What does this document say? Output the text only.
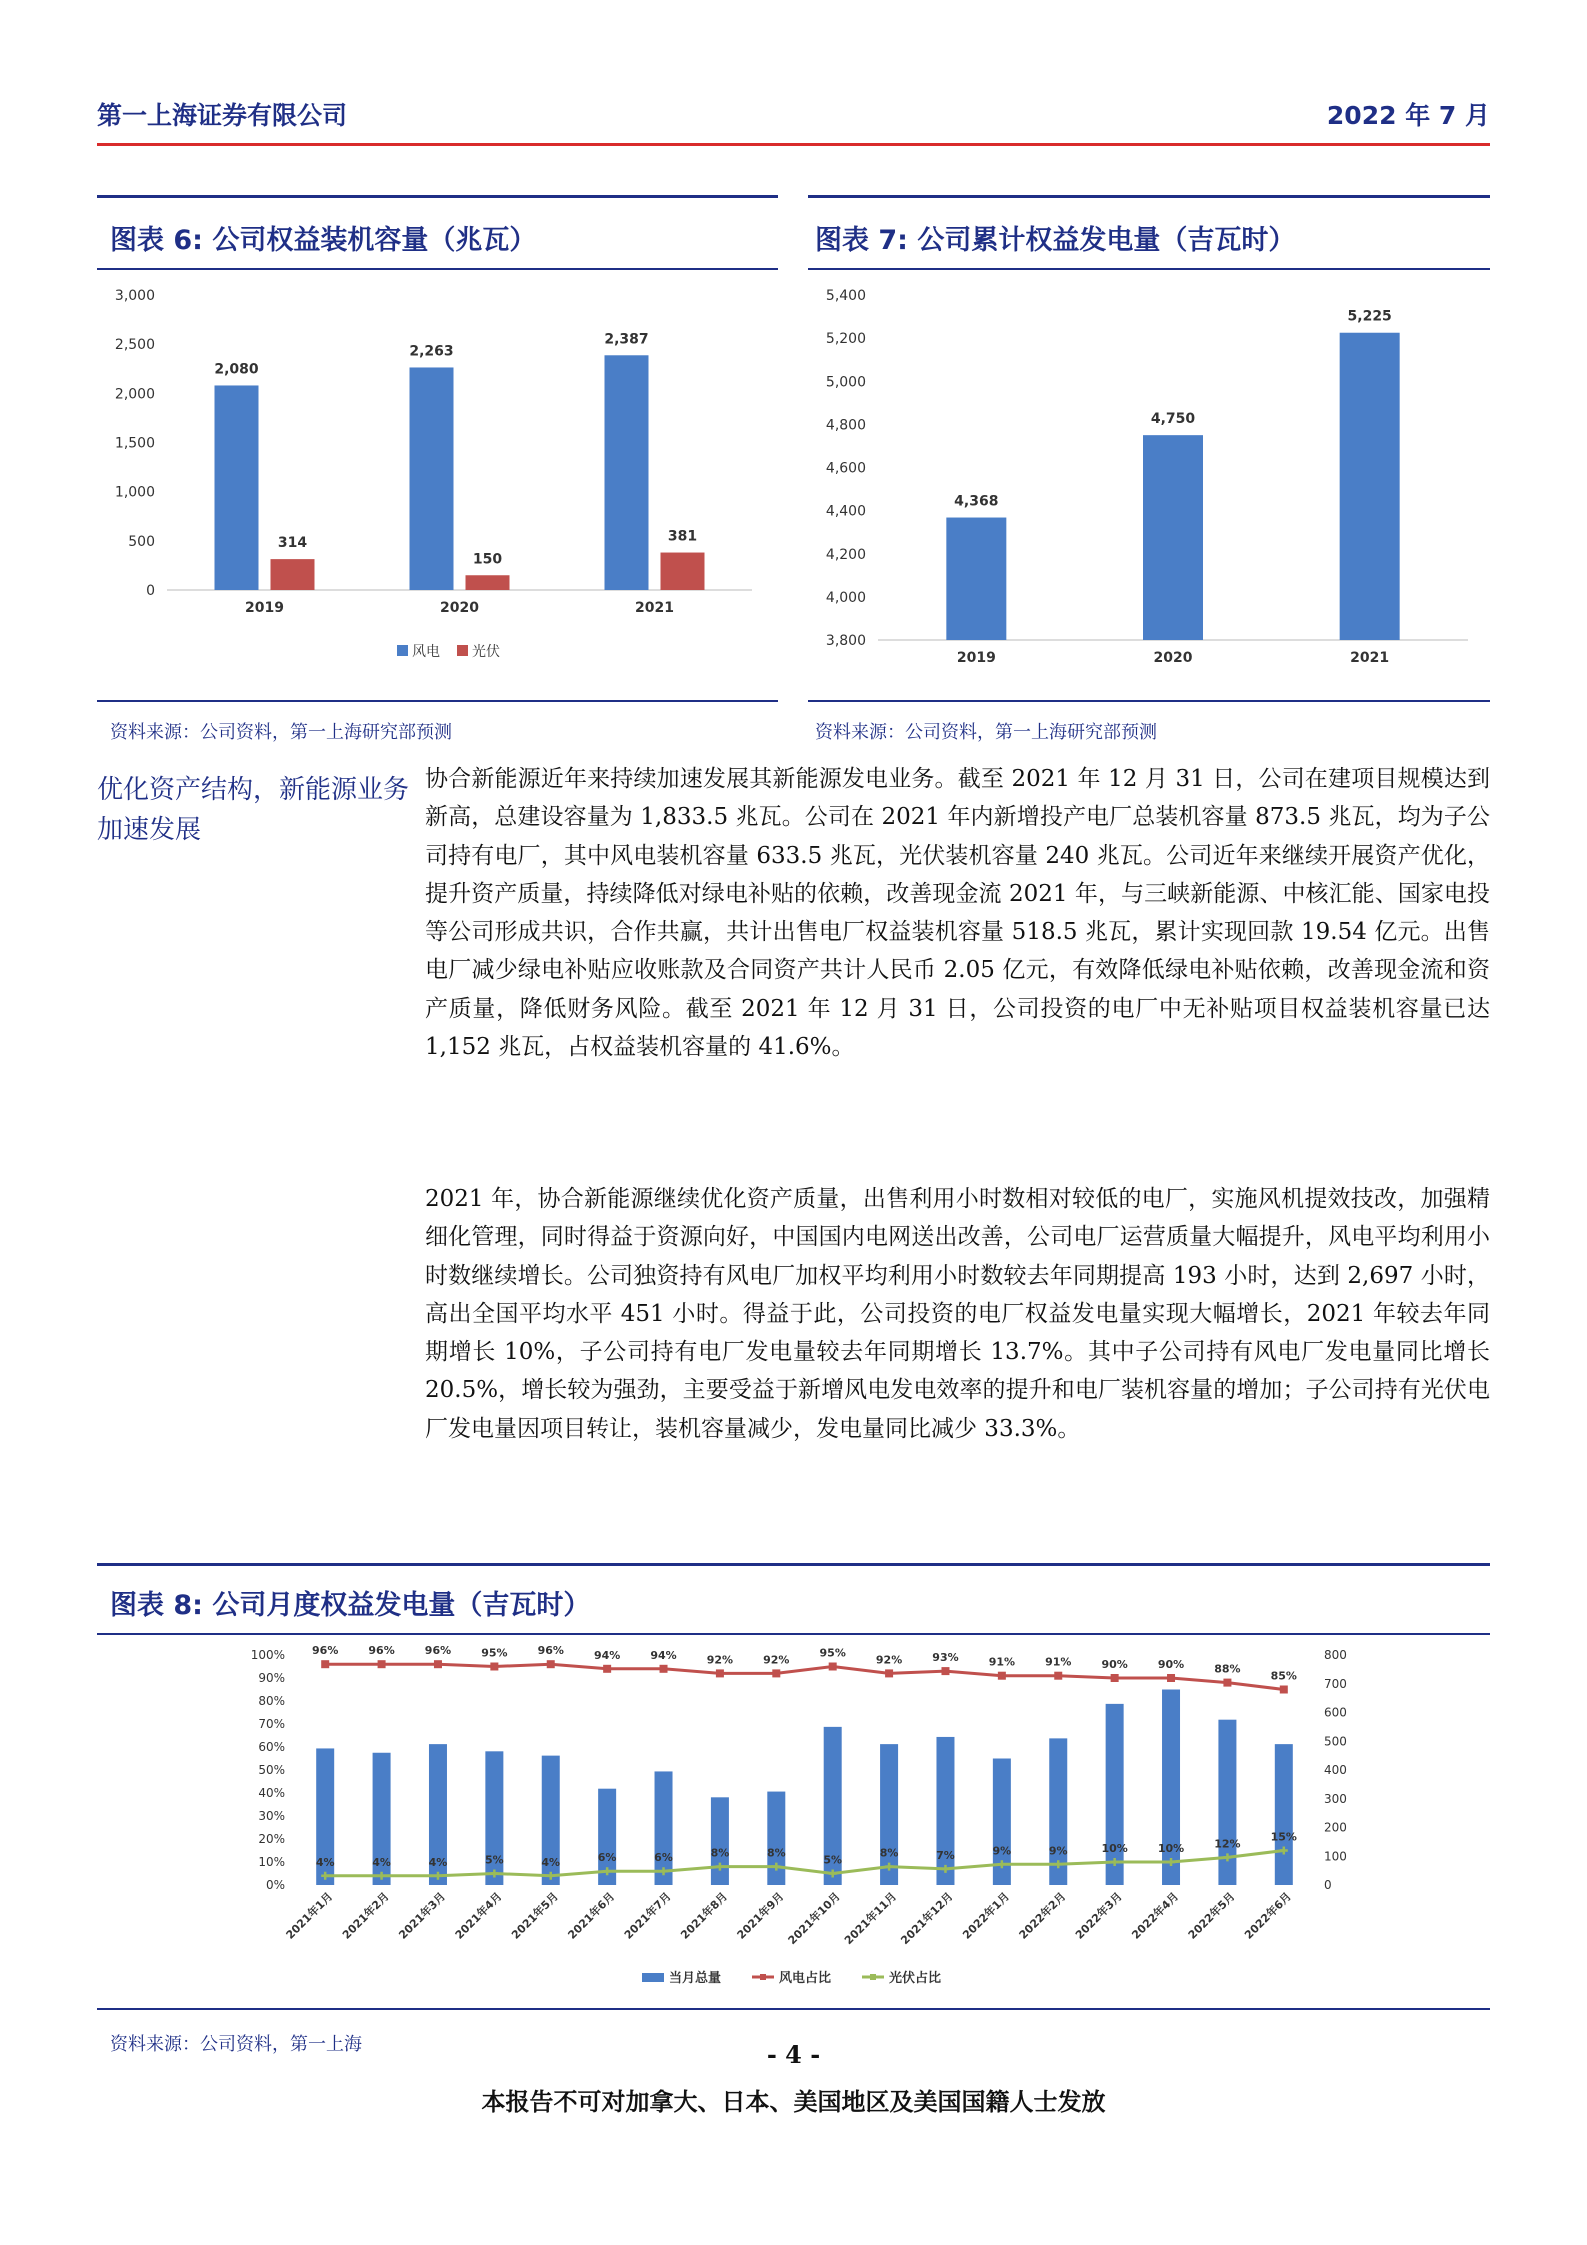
第一上海证券有限公司	2022 年 7 月
图表 6: 公司权益装机容量（兆瓦）	图表 7: 公司累计权益发电量（吉瓦时）
0
500
1,000
1,500
2,000
2,500
3,000
2,080
314
2019
2,263
150
2020
2,387
381
2021
风电 光伏
3,800
4,000
4,200
4,400
4,600
4,800
5,000
5,200
5,400
4,368
2019
4,750
2020
5,225
2021
资料来源：公司资料，第一上海研究部预测	资料来源：公司资料，第一上海研究部预测
优化资产结构，新能源业务加速发展
协合新能源近年来持续加速发展其新能源发电业务。截至 2021 年 12 月 31 日，公司在建项目规模达到新高，总建设容量为 1,833.5 兆瓦。公司在 2021 年内新增投产电厂总装机容量 873.5 兆瓦，均为子公司持有电厂，其中风电装机容量 633.5 兆瓦，光伏装机容量 240 兆瓦。公司近年来继续开展资产优化，提升资产质量，持续降低对绿电补贴的依赖，改善现金流 2021 年，与三峡新能源、中核汇能、国家电投等公司形成共识，合作共赢，共计出售电厂权益装机容量 518.5 兆瓦，累计实现回款 19.54 亿元。出售电厂减少绿电补贴应收账款及合同资产共计人民币 2.05 亿元，有效降低绿电补贴依赖，改善现金流和资产质量，降低财务风险。截至 2021 年 12 月 31 日，公司投资的电厂中无补贴项目权益装机容量已达 1,152 兆瓦，占权益装机容量的 41.6%。
2021 年，协合新能源继续优化资产质量，出售利用小时数相对较低的电厂，实施风机提效技改，加强精细化管理，同时得益于资源向好，中国国内电网送出改善，公司电厂运营质量大幅提升，风电平均利用小时数继续增长。公司独资持有风电厂加权平均利用小时数较去年同期提高 193 小时，达到 2,697 小时，高出全国平均水平 451 小时。得益于此，公司投资的电厂权益发电量实现大幅增长，2021 年较去年同期增长 10%，子公司持有电厂发电量较去年同期增长 13.7%。其中子公司持有风电厂发电量同比增长 20.5%，增长较为强劲，主要受益于新增风电发电效率的提升和电厂装机容量的增加；子公司持有光伏电厂发电量因项目转让，装机容量减少，发电量同比减少 33.3%。
图表 8: 公司月度权益发电量（吉瓦时）
0%
10%
20%
30%
40%
50%
60%
70%
80%
90%
100%
0
100
200
300
400
500
600
700
800
96%	96%	96%	95%	96%	94%	94%	92%	92%
95%
92%	93%	91%	91%	90%	90%	88%
85%
4%	4%	4%	5%	4%	6%	6%	8%	8%
5%
8%	7%	9%	9%	10%	10%	12%
15%
2021年1月 2021年2月 2021年3月 2021年4月 2021年5月 2021年6月 2021年7月 2021年8月 2021年9月 2021年10月 2021年11月 2021年12月 2022年1月 2022年2月 2022年3月 2022年4月 2022年5月 2022年6月
当月总量	风电占比	光伏占比
资料来源：公司资料，第一上海	- 4 -
本报告不可对加拿大、日本、美国地区及美国国籍人士发放
